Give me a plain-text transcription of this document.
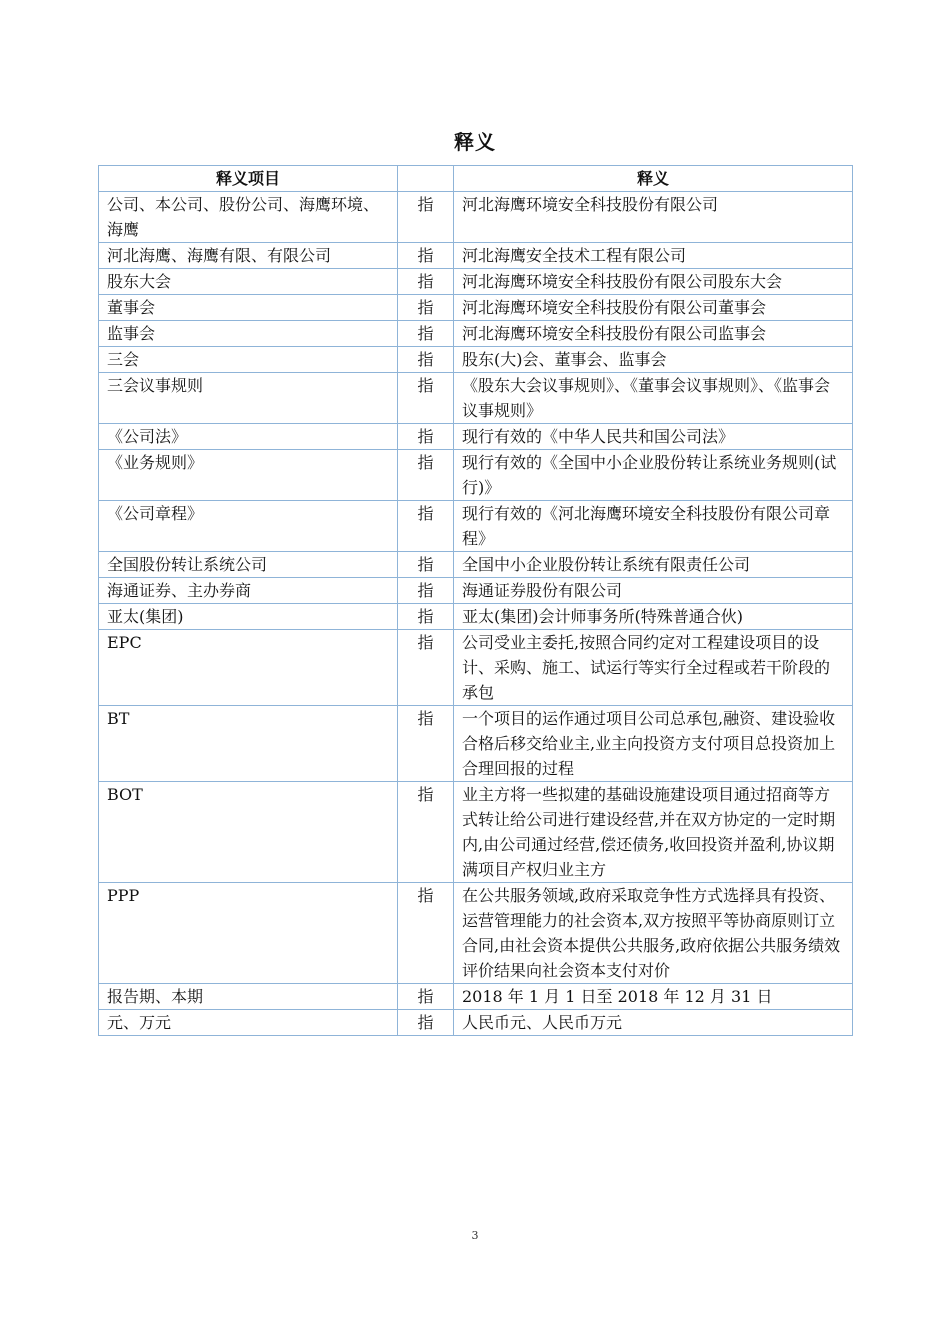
释义
释义项目		释义
公司、本公司、股份公司、海鹰环境、海鹰	指	河北海鹰环境安全科技股份有限公司
河北海鹰、海鹰有限、有限公司	指	河北海鹰安全技术工程有限公司
股东大会	指	河北海鹰环境安全科技股份有限公司股东大会
董事会	指	河北海鹰环境安全科技股份有限公司董事会
监事会	指	河北海鹰环境安全科技股份有限公司监事会
三会	指	股东(大)会、董事会、监事会
三会议事规则	指	《股东大会议事规则》、《董事会议事规则》、《监事会议事规则》
《公司法》	指	现行有效的《中华人民共和国公司法》
《业务规则》	指	现行有效的《全国中小企业股份转让系统业务规则(试行)》
《公司章程》	指	现行有效的《河北海鹰环境安全科技股份有限公司章程》
全国股份转让系统公司	指	全国中小企业股份转让系统有限责任公司
海通证券、主办券商	指	海通证券股份有限公司
亚太(集团)	指	亚太(集团)会计师事务所(特殊普通合伙)
EPC	指	公司受业主委托,按照合同约定对工程建设项目的设计、采购、施工、试运行等实行全过程或若干阶段的承包
BT	指	一个项目的运作通过项目公司总承包,融资、建设验收合格后移交给业主,业主向投资方支付项目总投资加上合理回报的过程
BOT	指	业主方将一些拟建的基础设施建设项目通过招商等方式转让给公司进行建设经营,并在双方协定的一定时期内,由公司通过经营,偿还债务,收回投资并盈利,协议期满项目产权归业主方
PPP	指	在公共服务领域,政府采取竞争性方式选择具有投资、运营管理能力的社会资本,双方按照平等协商原则订立合同,由社会资本提供公共服务,政府依据公共服务绩效评价结果向社会资本支付对价
报告期、本期	指	2018 年 1 月 1 日至 2018 年 12 月 31 日
元、万元	指	人民币元、人民币万元
3
